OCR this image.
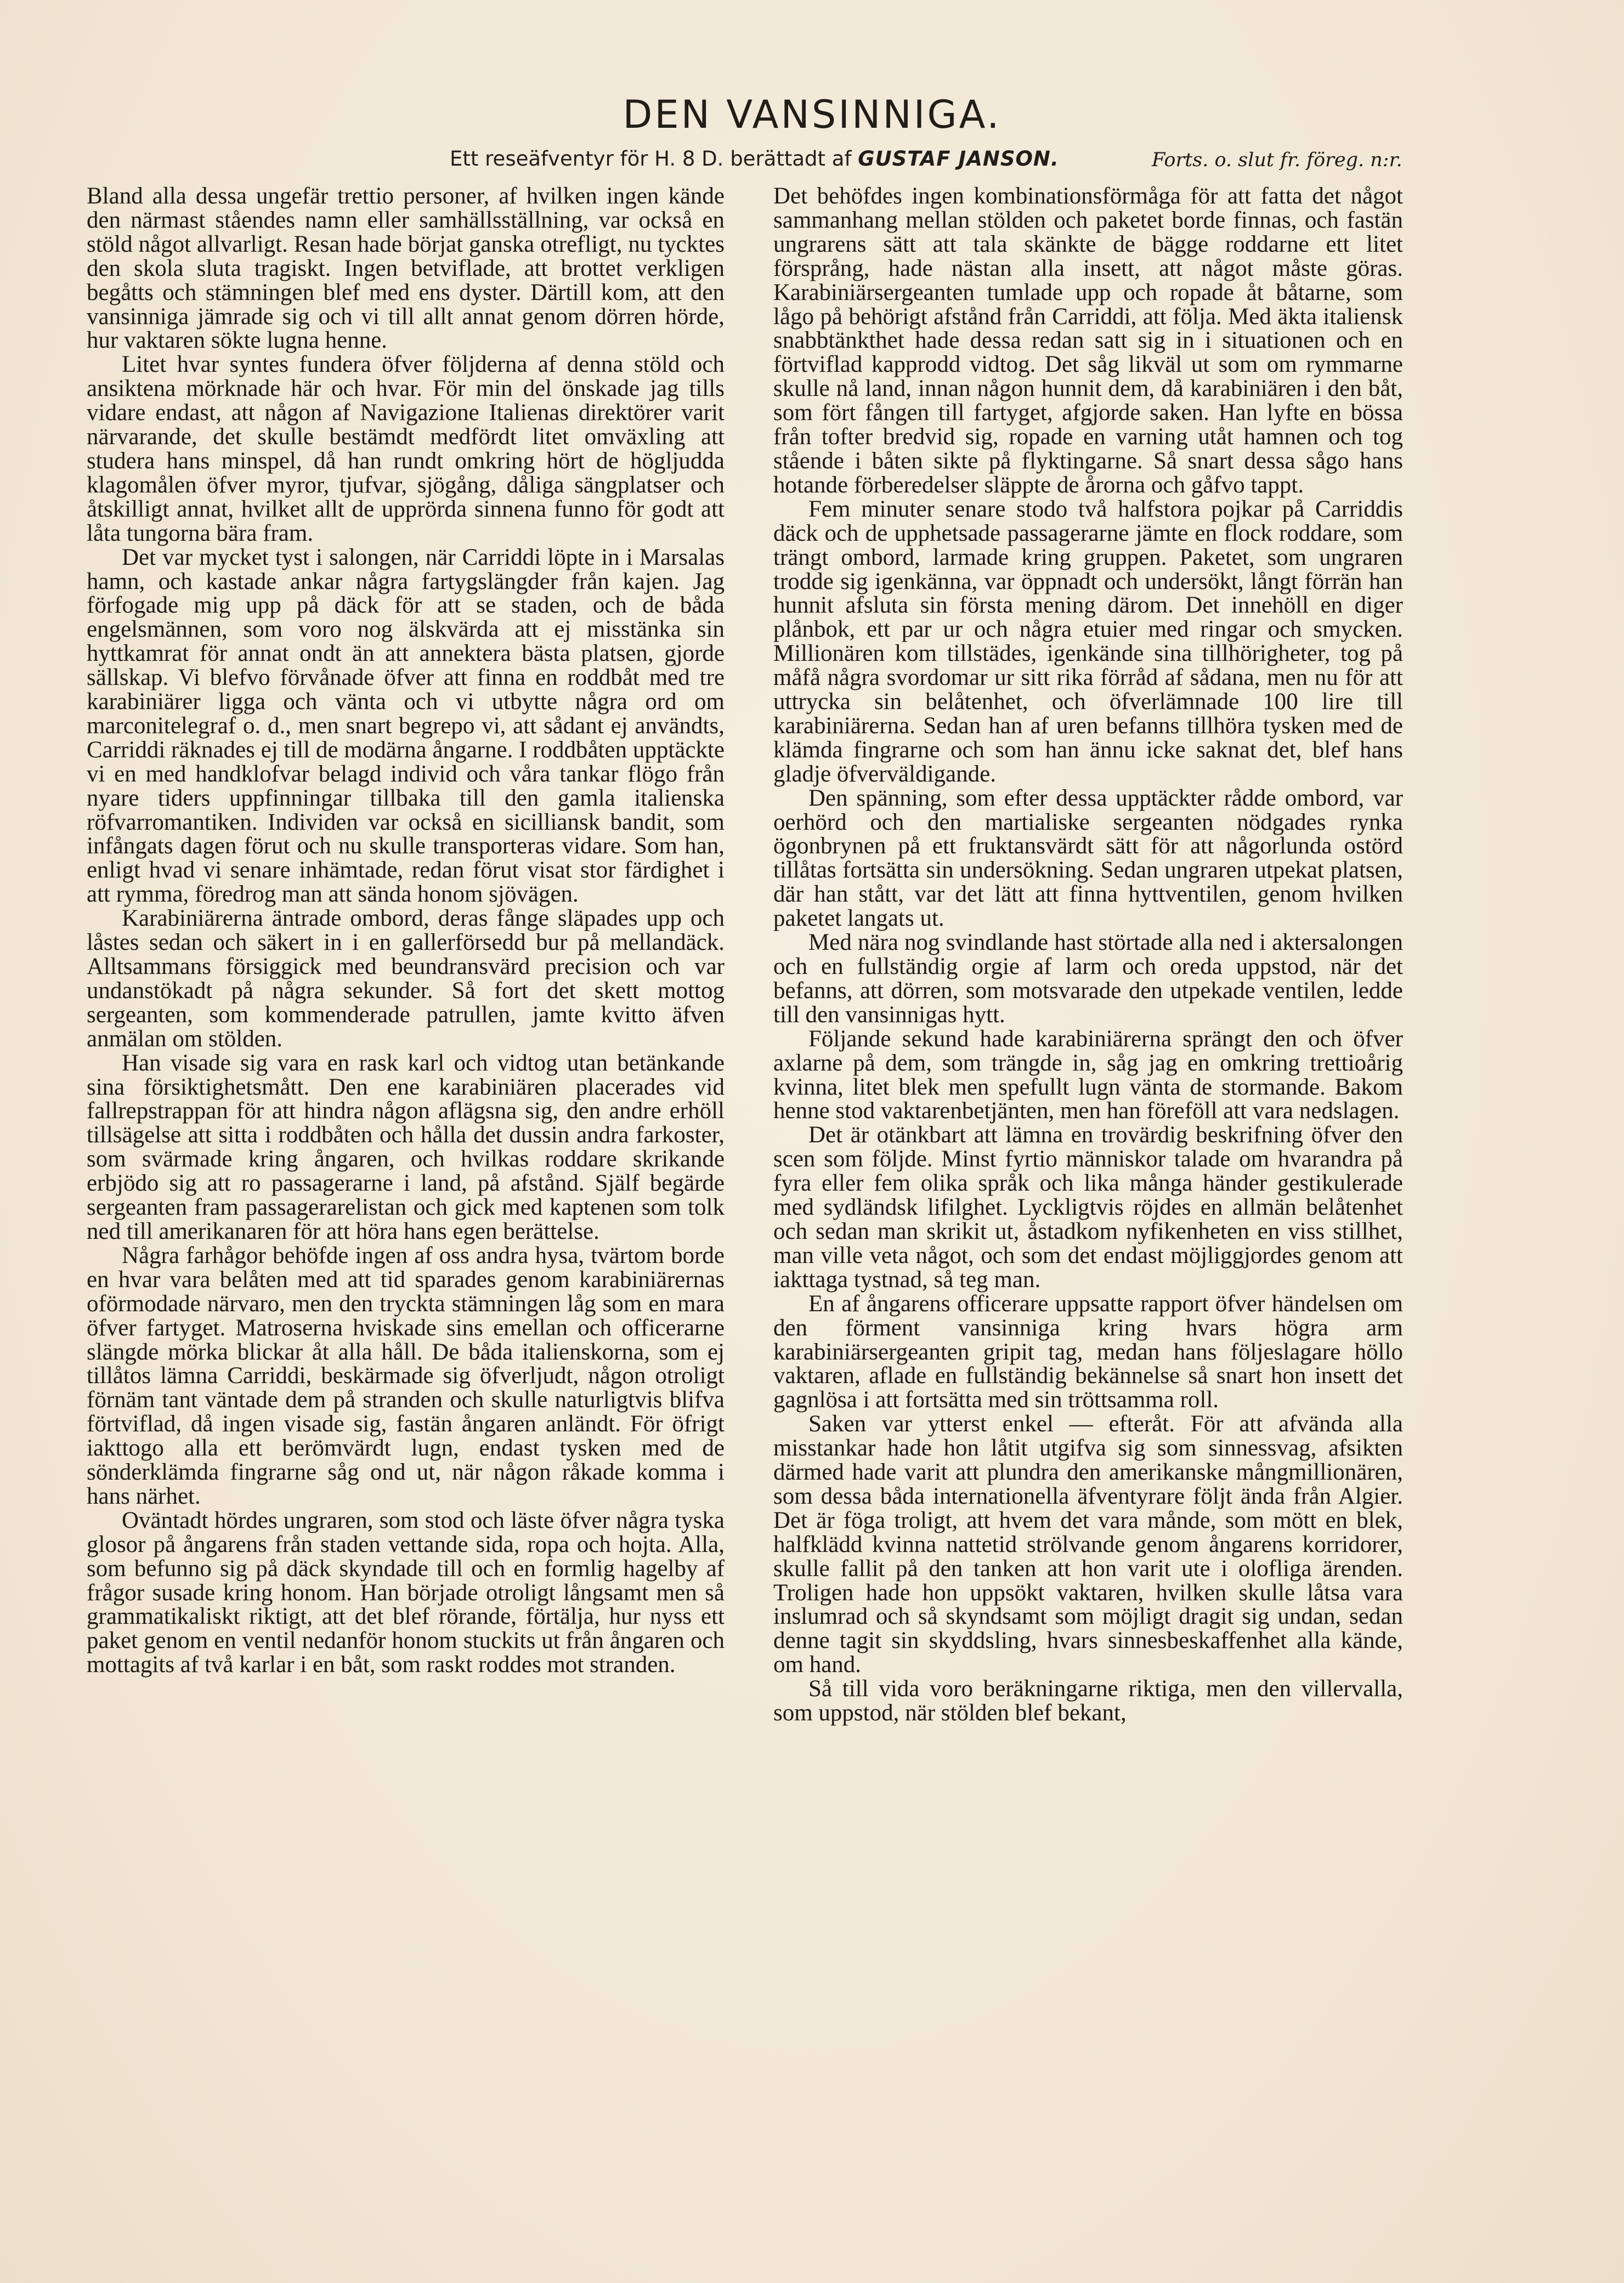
DEN VANSINNIGA.
Ett reseäfventyr för H. 8 D. berättadt af GUSTAF JANSON.	Forts. o. slut fr. föreg. n:r.

Bland alla dessa ungefär trettio personer, af hvilken ingen kände den närmast ståendes namn eller samhällsställning, var också en stöld något allvarligt. Resan hade börjat ganska otrefligt, nu tycktes den skola sluta tragiskt. Ingen betviflade, att brottet verkligen begåtts och stämningen blef med ens dyster. Därtill kom, att den vansinniga jämrade sig och vi till allt annat genom dörren hörde, hur vaktaren sökte lugna henne.

Litet hvar syntes fundera öfver följderna af denna stöld och ansiktena mörknade här och hvar. För min del önskade jag tills vidare endast, att någon af Navigazione Italienas direktörer varit närvarande, det skulle bestämdt medfördt litet omväxling att studera hans minspel, då han rundt omkring hört de högljudda klagomålen öfver myror, tjufvar, sjögång, dåliga sängplatser och åtskilligt annat, hvilket allt de upprörda sinnena funno för godt att låta tungorna bära fram.

Det var mycket tyst i salongen, när Carriddi löpte in i Marsalas hamn, och kastade ankar några fartygslängder från kajen. Jag förfogade mig upp på däck för att se staden, och de båda engelsmännen, som voro nog älskvärda att ej misstänka sin hyttkamrat för annat ondt än att annektera bästa platsen, gjorde sällskap. Vi blefvo förvånade öfver att finna en roddbåt med tre karabiniärer ligga och vänta och vi utbytte några ord om marconitelegraf o. d., men snart begrepo vi, att sådant ej användts, Carriddi räknades ej till de modärna ångarne. I roddbåten upptäckte vi en med handklofvar belagd individ och våra tankar flögo från nyare tiders uppfinningar tillbaka till den gamla italienska röfvarromantiken. Individen var också en sicilliansk bandit, som infångats dagen förut och nu skulle transporteras vidare. Som han, enligt hvad vi senare inhämtade, redan förut visat stor färdighet i att rymma, föredrog man att sända honom sjövägen.

Karabiniärerna äntrade ombord, deras fånge släpades upp och låstes sedan och säkert in i en gallerförsedd bur på mellandäck. Alltsammans försiggick med beundransvärd precision och var undanstökadt på några sekunder. Så fort det skett mottog sergeanten, som kommenderade patrullen, jamte kvitto äfven anmälan om stölden.

Han visade sig vara en rask karl och vidtog utan betänkande sina försiktighetsmått. Den ene karabiniären placerades vid fallrepstrappan för att hindra någon aflägsna sig, den andre erhöll tillsägelse att sitta i roddbåten och hålla det dussin andra farkoster, som svärmade kring ångaren, och hvilkas roddare skrikande erbjödo sig att ro passagerarne i land, på afstånd. Själf begärde sergeanten fram passagerarelistan och gick med kaptenen som tolk ned till amerikanaren för att höra hans egen berättelse.

Några farhågor behöfde ingen af oss andra hysa, tvärtom borde en hvar vara belåten med att tid sparades genom karabiniärernas oförmodade närvaro, men den tryckta stämningen låg som en mara öfver fartyget. Matroserna hviskade sins emellan och officerarne slängde mörka blickar åt alla håll. De båda italienskorna, som ej tillåtos lämna Carriddi, beskärmade sig öfverljudt, någon otroligt förnäm tant väntade dem på stranden och skulle naturligtvis blifva förtviflad, då ingen visade sig, fastän ångaren anländt. För öfrigt iakttogo alla ett berömvärdt lugn, endast tysken med de sönderklämda fingrarne såg ond ut, när någon råkade komma i hans närhet.

Oväntadt hördes ungraren, som stod och läste öfver några tyska glosor på ångarens från staden vettande sida, ropa och hojta. Alla, som befunno sig på däck skyndade till och en formlig hagelby af frågor susade kring honom. Han började otroligt långsamt men så grammatikaliskt riktigt, att det blef rörande, förtälja, hur nyss ett paket genom en ventil nedanför honom stuckits ut från ångaren och mottagits af två karlar i en båt, som raskt roddes mot stranden.

Det behöfdes ingen kombinationsförmåga för att fatta det något sammanhang mellan stölden och paketet borde finnas, och fastän ungrarens sätt att tala skänkte de bägge roddarne ett litet försprång, hade nästan alla insett, att något måste göras. Karabiniärsergeanten tumlade upp och ropade åt båtarne, som lågo på behörigt afstånd från Carriddi, att följa. Med äkta italiensk snabbtänkthet hade dessa redan satt sig in i situationen och en förtviflad kapprodd vidtog. Det såg likväl ut som om rymmarne skulle nå land, innan någon hunnit dem, då karabiniären i den båt, som fört fången till fartyget, afgjorde saken. Han lyfte en bössa från tofter bredvid sig, ropade en varning utåt hamnen och tog stående i båten sikte på flyktingarne. Så snart dessa sågo hans hotande förberedelser släppte de årorna och gåfvo tappt.

Fem minuter senare stodo två halfstora pojkar på Carriddis däck och de upphetsade passagerarne jämte en flock roddare, som trängt ombord, larmade kring gruppen. Paketet, som ungraren trodde sig igenkänna, var öppnadt och undersökt, långt förrän han hunnit afsluta sin första mening därom. Det innehöll en diger plånbok, ett par ur och några etuier med ringar och smycken. Millionären kom tillstädes, igenkände sina tillhörigheter, tog på måfå några svordomar ur sitt rika förråd af sådana, men nu för att uttrycka sin belåtenhet, och öfverlämnade 100 lire till karabiniärerna. Sedan han af uren befanns tillhöra tysken med de klämda fingrarne och som han ännu icke saknat det, blef hans gladje öfverväldigande.

Den spänning, som efter dessa upptäckter rådde ombord, var oerhörd och den martialiske sergeanten nödgades rynka ögonbrynen på ett fruktansvärdt sätt för att någorlunda ostörd tillåtas fortsätta sin undersökning. Sedan ungraren utpekat platsen, där han stått, var det lätt att finna hyttventilen, genom hvilken paketet langats ut.

Med nära nog svindlande hast störtade alla ned i aktersalongen och en fullständig orgie af larm och oreda uppstod, när det befanns, att dörren, som motsvarade den utpekade ventilen, ledde till den vansinnigas hytt.

Följande sekund hade karabiniärerna sprängt den och öfver axlarne på dem, som trängde in, såg jag en omkring trettioårig kvinna, litet blek men spefullt lugn vänta de stormande. Bakom henne stod vaktarenbetjänten, men han föreföll att vara nedslagen.

Det är otänkbart att lämna en trovärdig beskrifning öfver den scen som följde. Minst fyrtio människor talade om hvarandra på fyra eller fem olika språk och lika många händer gestikulerade med sydländsk lifilghet. Lyckligtvis röjdes en allmän belåtenhet och sedan man skrikit ut, åstadkom nyfikenheten en viss stillhet, man ville veta något, och som det endast möjliggjordes genom att iakttaga tystnad, så teg man.

En af ångarens officerare uppsatte rapport öfver händelsen om den förment vansinniga kring hvars högra arm karabiniärsergeanten gripit tag, medan hans följeslagare höllo vaktaren, aflade en fullständig bekännelse så snart hon insett det gagnlösa i att fortsätta med sin tröttsamma roll.

Saken var ytterst enkel — efteråt. För att afvända alla misstankar hade hon låtit utgifva sig som sinnessvag, afsikten därmed hade varit att plundra den amerikanske mångmillionären, som dessa båda internationella äfventyrare följt ända från Algier. Det är föga troligt, att hvem det vara månde, som mött en blek, halfklädd kvinna nattetid strölvande genom ångarens korridorer, skulle fallit på den tanken att hon varit ute i olofliga ärenden. Troligen hade hon uppsökt vaktaren, hvilken skulle låtsa vara inslumrad och så skyndsamt som möjligt dragit sig undan, sedan denne tagit sin skyddsling, hvars sinnesbeskaffenhet alla kände, om hand.

Så till vida voro beräkningarne riktiga, men den villervalla, som uppstod, när stölden blef bekant,
